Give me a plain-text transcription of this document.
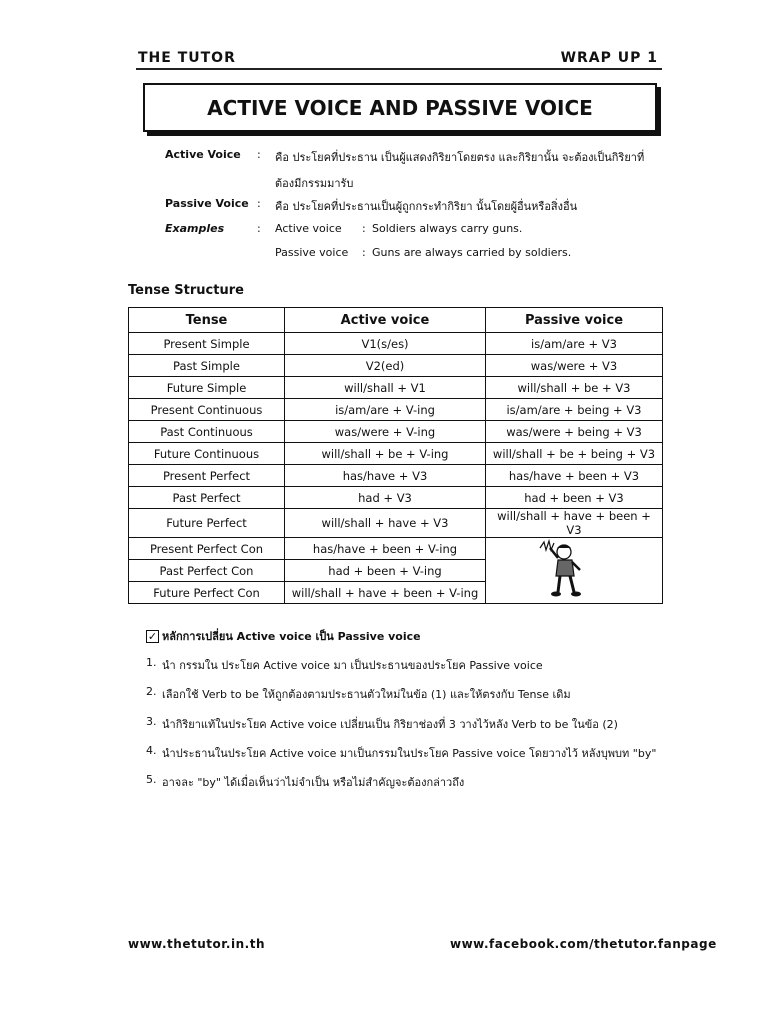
THE TUTOR	WRAP UP 1
ACTIVE VOICE AND PASSIVE VOICE
Active Voice : คือ ประโยคที่ประธาน เป็นผู้แสดงกิริยาโดยตรง และกิริยานั้น จะต้องเป็นกิริยาที่
ต้องมีกรรมมารับ
Passive Voice : คือ ประโยคที่ประธานเป็นผู้ถูกกระทำกิริยา นั้นโดยผู้อื่นหรือสิ่งอื่น
Examples	: Active voice : Soldiers always carry guns.
Passive voice : Guns are always carried by soldiers.
Tense Structure
Tense	Active voice	Passive voice
Present Simple	V1(s/es)	is/am/are + V3
Past Simple	V2(ed)	was/were + V3
Future Simple	will/shall + V1	will/shall + be + V3
Present Continuous	is/am/are + V-ing	is/am/are + being + V3
Past Continuous	was/were + V-ing	was/were + being + V3
Future Continuous	will/shall + be + V-ing	will/shall + be + being + V3
Present Perfect	has/have + V3	has/have + been + V3
Past Perfect	had + V3	had + been + V3
Future Perfect	will/shall + have + V3	will/shall + have + been + V3
Present Perfect Con	has/have + been + V-ing	
Past Perfect Con	had + been + V-ing	
Future Perfect Con	will/shall + have + been + V-ing	
✓ หลักการเปลี่ยน Active voice เป็น Passive voice
1. นำ กรรมใน ประโยค Active voice มา เป็นประธานของประโยค Passive voice
2. เลือกใช้ Verb to be ให้ถูกต้องตามประธานตัวใหม่ในข้อ (1) และให้ตรงกับ Tense เดิม
3. นำกิริยาแท้ในประโยค Active voice เปลี่ยนเป็น กิริยาช่องที่ 3 วางไว้หลัง Verb to be ในข้อ (2)
4. นำประธานในประโยค Active voice มาเป็นกรรมในประโยค Passive voice โดยวางไว้ หลังบุพบท "by"
5. อาจละ "by" ได้เมื่อเห็นว่าไม่จำเป็น หรือไม่สำคัญจะต้องกล่าวถึง
www.thetutor.in.th	www.facebook.com/thetutor.fanpage
